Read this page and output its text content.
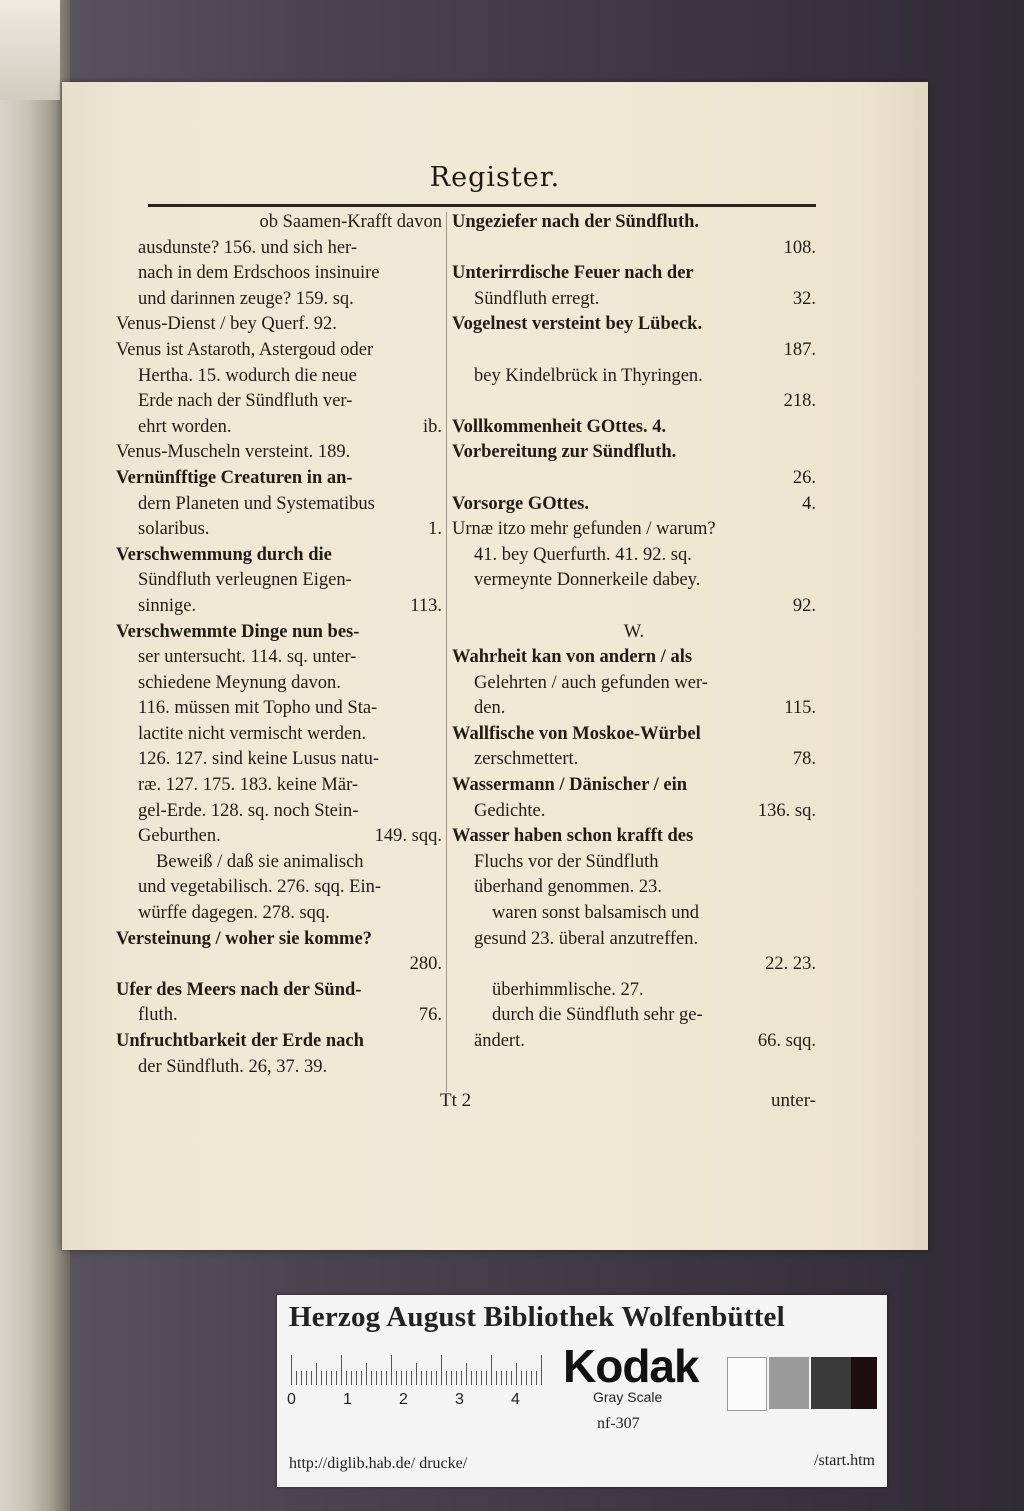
Register.
ob Saamen-Krafft davon
ausdunste? 156. und sich her-
nach in dem Erdschoos insinuire
und darinnen zeuge? 159. sq.
Venus-Dienst / bey Querf. 92.
Venus ist Astaroth, Astergoud oder
Hertha. 15. wodurch die neue
Erde nach der Sündfluth ver-
ehrt worden.	ib.
Venus-Muscheln versteint. 189.
Vernünfftige Creaturen in an-
dern Planeten und Systematibus
solaribus.	1.
Verschwemmung durch die
Sündfluth verleugnen Eigen-
sinnige.	113.
Verschwemmte Dinge nun bes-
ser untersucht. 114. sq. unter-
schiedene Meynung davon.
116. müssen mit Topho und Sta-
lactite nicht vermischt werden.
126. 127. sind keine Lusus natu-
ræ. 127. 175. 183. keine Mär-
gel-Erde. 128. sq. noch Stein-
Geburthen.	149. sqq.
Beweiß / daß sie animalisch
und vegetabilisch. 276. sqq. Ein-
würffe dagegen. 278. sqq.
Versteinung / woher sie komme?
280.
Ufer des Meers nach der Sünd-
fluth.	76.
Unfruchtbarkeit der Erde nach
der Sündfluth. 26, 37. 39.
Ungeziefer nach der Sündfluth.
108.
Unterirrdische Feuer nach der
Sündfluth erregt.	32.
Vogelnest versteint bey Lübeck.
187.
bey Kindelbrück in Thyringen.
218.
Vollkommenheit GOttes. 4.
Vorbereitung zur Sündfluth.
26.
Vorsorge GOttes.	4.
Urnæ itzo mehr gefunden / warum?
41. bey Querfurth. 41. 92. sq.
vermeynte Donnerkeile dabey.
92.
W.
Wahrheit kan von andern / als
Gelehrten / auch gefunden wer-
den.	115.
Wallfische von Moskoe-Würbel
zerschmettert.	78.
Wassermann / Dänischer / ein
Gedichte.	136. sq.
Wasser haben schon krafft des
Fluchs vor der Sündfluth
überhand genommen. 23.
waren sonst balsamisch und
gesund 23. überal anzutreffen.
22. 23.
überhimmlische. 27.
durch die Sündfluth sehr ge-
ändert.	66. sqq.
Tt 2	unter-
Herzog August Bibliothek Wolfenbüttel
0	1	2	3	4
Kodak
Gray Scale
nf-307
http://diglib.hab.de/ drucke/	/start.htm
